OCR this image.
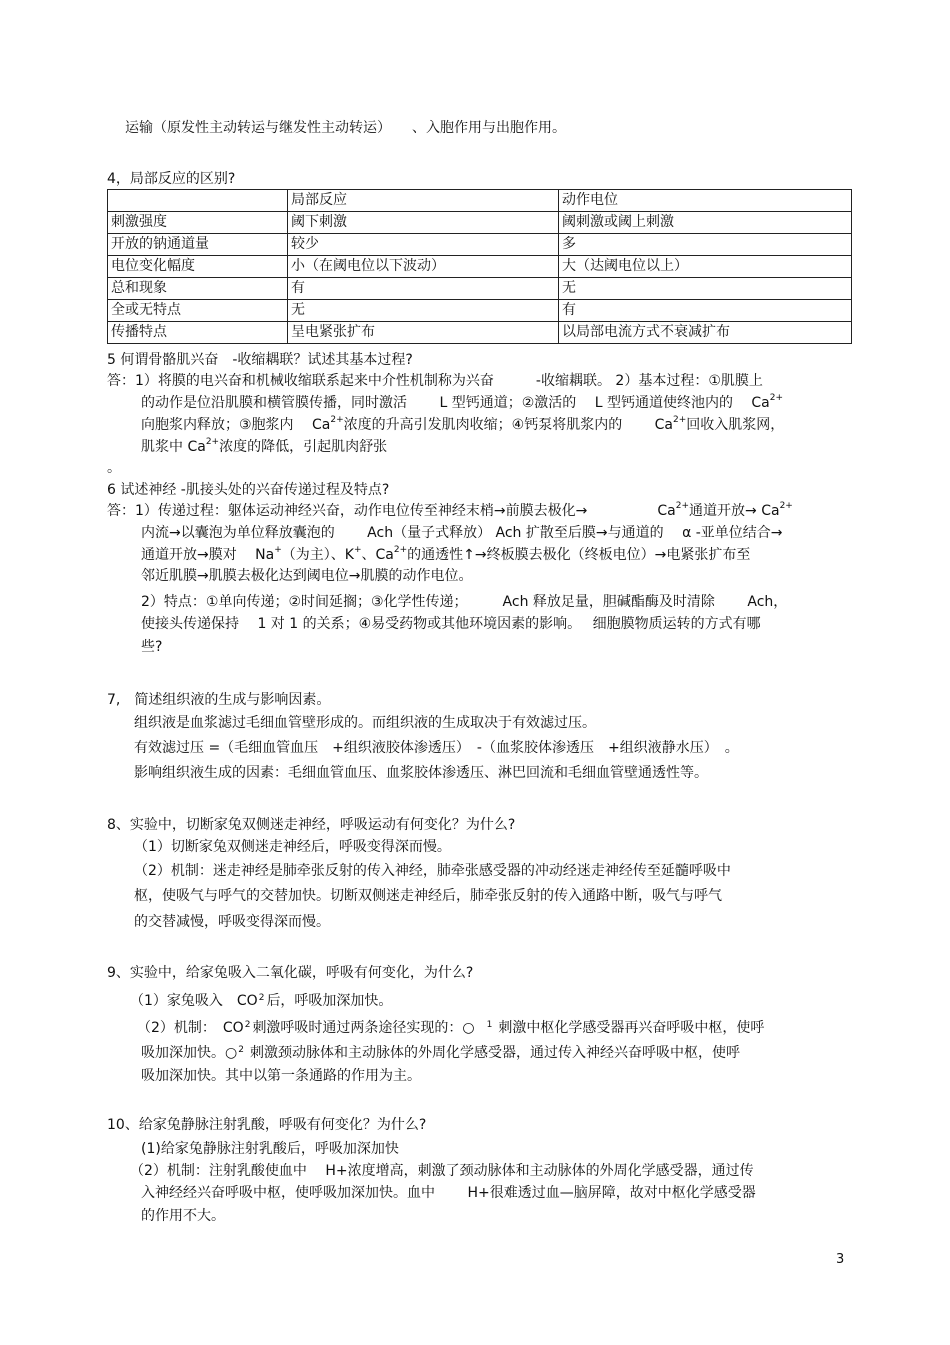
运输（原发性主动转运与继发性主动转运）　　、入胞作用与出胞作用。

4，局部反应的区别?

	局部反应	动作电位
刺激强度	阈下刺激	阈刺激或阈上刺激
开放的钠通道量	较少	多
电位变化幅度	小（在阈电位以下波动）	大（达阈电位以上）
总和现象	有	无
全或无特点	无	有
传播特点	呈电紧张扩布	以局部电流方式不衰减扩布

5 何谓骨骼肌兴奋　-收缩耦联？试述其基本过程?

答：1）将膜的电兴奋和机械收缩联系起来中介性机制称为兴奋　　　-收缩耦联。 2）基本过程：①肌膜上

的动作是位沿肌膜和横管膜传播，同时激活　　 L 型钙通道；②激活的　 L 型钙通道使终池内的　 $Ca^{2+}$

向胞浆内释放；③胞浆内　 $Ca^{2+}$浓度的升高引发肌肉收缩；④钙泵将肌浆内的　　 $Ca^{2+}$回收入肌浆网，

肌浆中 $Ca^{2+}$浓度的降低，引起肌肉舒张

。

6 试述神经 -肌接头处的兴奋传递过程及特点?

答：1）传递过程：躯体运动神经兴奋，动作电位传至神经末梢→前膜去极化→	$Ca^{2+}$通道开放→ $Ca^{2+}$

内流→以囊泡为单位释放囊泡的　　 Ach（量子式释放） Ach 扩散至后膜→与通道的　 α -亚单位结合→

通道开放→膜对　 Na+（为主）、K+、$Ca^{2+}$的通透性↑→终板膜去极化（终板电位）→电紧张扩布至

邻近肌膜→肌膜去极化达到阈电位→肌膜的动作电位。

2）特点：①单向传递；②时间延搁；③化学性传递；　　　Ach 释放足量，胆碱酯酶及时清除　　 Ach，

使接头传递保持　 1 对 1 的关系；④易受药物或其他环境因素的影响。　 细胞膜物质运转的方式有哪

些?

7,　简述组织液的生成与影响因素。

组织液是血浆滤过毛细血管壁形成的。而组织液的生成取决于有效滤过压。

有效滤过压 =（毛细血管血压　+组织液胶体渗透压）　-（血浆胶体渗透压　+组织液静水压）　。

影响组织液生成的因素：毛细血管血压、血浆胶体渗透压、淋巴回流和毛细血管壁通透性等。

8、实验中，切断家兔双侧迷走神经，呼吸运动有何变化？为什么?

（1）切断家兔双侧迷走神经后，呼吸变得深而慢。

（2）机制：迷走神经是肺牵张反射的传入神经，肺牵张感受器的冲动经迷走神经传至延髓呼吸中

枢，使吸气与呼气的交替加快。切断双侧迷走神经后，肺牵张反射的传入通路中断，吸气与呼气

的交替减慢，呼吸变得深而慢。

9、实验中，给家兔吸入二氧化碳，呼吸有何变化，为什么?

（1）家兔吸入　$CO^2$ 后，呼吸加深加快。

（2）机制：　$CO^2$ 刺激呼吸时通过两条途径实现的：○ $^1$ 刺激中枢化学感受器再兴奋呼吸中枢，使呼

吸加深加快。○$^2$ 刺激颈动脉体和主动脉体的外周化学感受器，通过传入神经兴奋呼吸中枢，使呼

吸加深加快。其中以第一条通路的作用为主。

10、给家兔静脉注射乳酸，呼吸有何变化？为什么?

(1)给家兔静脉注射乳酸后，呼吸加深加快

（2）机制：注射乳酸使血中　 H+浓度增高，刺激了颈动脉体和主动脉体的外周化学感受器，通过传

入神经经兴奋呼吸中枢，使呼吸加深加快。血中　　 H+很难透过血—脑屏障，故对中枢化学感受器

的作用不大。

3
